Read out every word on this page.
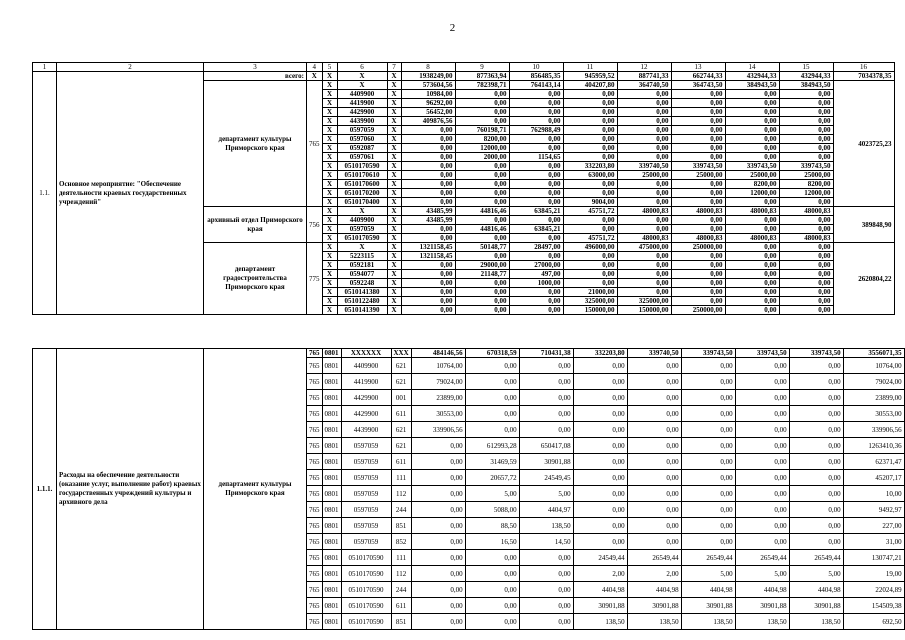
2
1	2	3	4	5	6	7	8	9	10	11	12	13	14	15	16
1.1.	Основное мероприятие: "Обеспечение деятельности краевых государственных учреждений"	всего:	X	X	X	X	1938249,00	877363,94	856485,35	945959,52	887741,33	662744,33	432944,33	432944,33	7034378,35
		департамент культуры Приморского края	765	X	X	X	573604,56	782398,71	764143,14	404207,80	364740,50	364743,50	384943,50	384943,50	4023725,23
				X	4409900	X	10984,00	0,00	0,00	0,00	0,00	0,00	0,00	0,00	
				X	4419900	X	96292,00	0,00	0,00	0,00	0,00	0,00	0,00	0,00	
				X	4429900	X	56452,00	0,00	0,00	0,00	0,00	0,00	0,00	0,00	
				X	4439900	X	409876,56	0,00	0,00	0,00	0,00	0,00	0,00	0,00	
				X	0597059	X	0,00	760198,71	762988,49	0,00	0,00	0,00	0,00	0,00	
				X	0597060	X	0,00	8200,00	0,00	0,00	0,00	0,00	0,00	0,00	
				X	0592087	X	0,00	12000,00	0,00	0,00	0,00	0,00	0,00	0,00	
				X	0597061	X	0,00	2000,00	1154,65	0,00	0,00	0,00	0,00	0,00	
				X	0510170590	X	0,00	0,00	0,00	332203,80	339740,50	339743,50	339743,50	339743,50	
				X	0510170610	X	0,00	0,00	0,00	63000,00	25000,00	25000,00	25000,00	25000,00	
				X	0510170600	X	0,00	0,00	0,00	0,00	0,00	0,00	8200,00	8200,00	
				X	0510170200	X	0,00	0,00	0,00	0,00	0,00	0,00	12000,00	12000,00	
				X	0510170400	X	0,00	0,00	0,00	9004,00	0,00	0,00	0,00	0,00	
		архивный отдел Приморского края	756	X	X	X	43485,99	44816,46	63845,21	45751,72	48000,83	48000,83	48000,83	48000,83	389848,90
				X	4409900	X	43485,99	0,00	0,00	0,00	0,00	0,00	0,00	0,00	
				X	0597059	X	0,00	44816,46	63845,21	0,00	0,00	0,00	0,00	0,00	
				X	0510170590	X	0,00	0,00	0,00	45751,72	48000,83	48000,83	48000,83	48000,83	
		департамент градостроительства Приморского края	775	X	X	X	1321158,45	50148,77	28497,00	496000,00	475000,00	250000,00	0,00	0,00	2620804,22
				X	5223115	X	1321158,45	0,00	0,00	0,00	0,00	0,00	0,00	0,00	
				X	0592181	X	0,00	29000,00	27000,00	0,00	0,00	0,00	0,00	0,00	
				X	0594077	X	0,00	21148,77	497,00	0,00	0,00	0,00	0,00	0,00	
				X	0592248	X	0,00	0,00	1000,00	0,00	0,00	0,00	0,00	0,00	
				X	0510141380	X	0,00	0,00	0,00	21000,00	0,00	0,00	0,00	0,00	
				X	0510122480	X	0,00	0,00	0,00	325000,00	325000,00	0,00	0,00	0,00	
				X	0510141390	X	0,00	0,00	0,00	150000,00	150000,00	250000,00	0,00	0,00	
1.1.1.	Расходы на обеспечение деятельности (оказание услуг, выполнение работ) краевых государственных учреждений культуры и архивного дела	департамент культуры Приморского края	765	0801	XXXXXX	XXX	484146,56	670318,59	710431,38	332203,80	339740,50	339743,50	339743,50	339743,50	3556071,35
			765	0801	4409900	621	10764,00	0,00	0,00	0,00	0,00	0,00	0,00	0,00	10764,00
			765	0801	4419900	621	79024,00	0,00	0,00	0,00	0,00	0,00	0,00	0,00	79024,00
			765	0801	4429900	001	23899,00	0,00	0,00	0,00	0,00	0,00	0,00	0,00	23899,00
			765	0801	4429900	611	30553,00	0,00	0,00	0,00	0,00	0,00	0,00	0,00	30553,00
			765	0801	4439900	621	339906,56	0,00	0,00	0,00	0,00	0,00	0,00	0,00	339906,56
			765	0801	0597059	621	0,00	612993,28	650417,08	0,00	0,00	0,00	0,00	0,00	1263410,36
			765	0801	0597059	611	0,00	31469,59	30901,88	0,00	0,00	0,00	0,00	0,00	62371,47
			765	0801	0597059	111	0,00	20657,72	24549,45	0,00	0,00	0,00	0,00	0,00	45207,17
			765	0801	0597059	112	0,00	5,00	5,00	0,00	0,00	0,00	0,00	0,00	10,00
			765	0801	0597059	244	0,00	5088,00	4404,97	0,00	0,00	0,00	0,00	0,00	9492,97
			765	0801	0597059	851	0,00	88,50	138,50	0,00	0,00	0,00	0,00	0,00	227,00
			765	0801	0597059	852	0,00	16,50	14,50	0,00	0,00	0,00	0,00	0,00	31,00
			765	0801	0510170590	111	0,00	0,00	0,00	24549,44	26549,44	26549,44	26549,44	26549,44	130747,21
			765	0801	0510170590	112	0,00	0,00	0,00	2,00	2,00	5,00	5,00	5,00	19,00
			765	0801	0510170590	244	0,00	0,00	0,00	4404,98	4404,98	4404,98	4404,98	4404,98	22024,89
			765	0801	0510170590	611	0,00	0,00	0,00	30901,88	30901,88	30901,88	30901,88	30901,88	154509,38
			765	0801	0510170590	851	0,00	0,00	0,00	138,50	138,50	138,50	138,50	138,50	692,50
